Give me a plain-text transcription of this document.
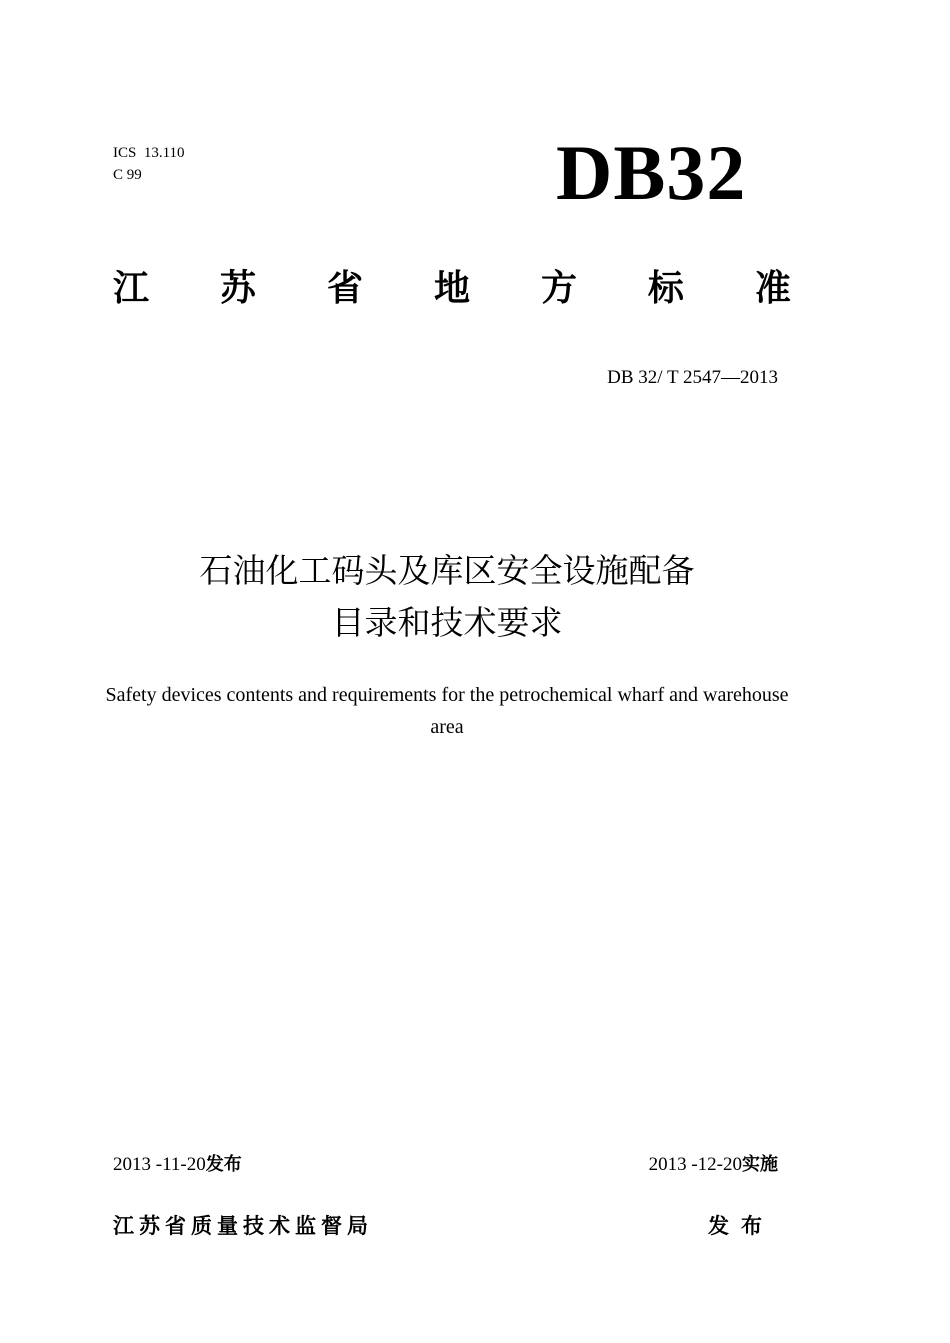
ICS  13.110
C 99	DB32
江 苏 省 地 方 标 准
DB 32/ T 2547—2013
石油化工码头及库区安全设施配备
目录和技术要求
Safety devices contents and requirements for the petrochemical wharf and warehouse area
2013 -11-20发布	2013 -12-20实施
江苏省质量技术监督局	发布
